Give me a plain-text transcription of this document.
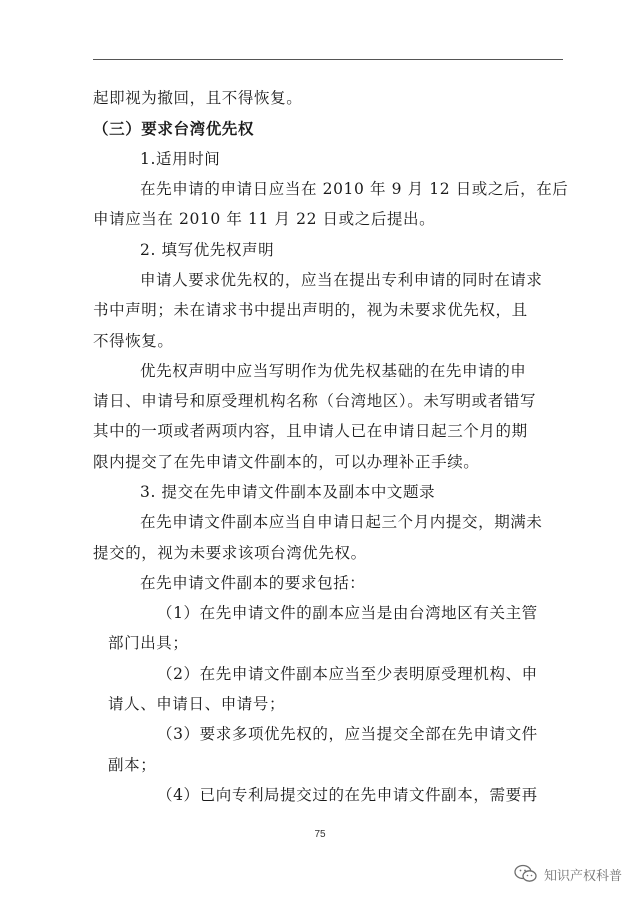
起即视为撤回，且不得恢复。
（三）要求台湾优先权
1.适用时间
在先申请的申请日应当在 2010 年 9 月 12 日或之后，在后
申请应当在 2010 年 11 月 22 日或之后提出。
2. 填写优先权声明
申请人要求优先权的，应当在提出专利申请的同时在请求
书中声明；未在请求书中提出声明的，视为未要求优先权，且
不得恢复。
优先权声明中应当写明作为优先权基础的在先申请的申
请日、申请号和原受理机构名称（台湾地区）。未写明或者错写
其中的一项或者两项内容，且申请人已在申请日起三个月的期
限内提交了在先申请文件副本的，可以办理补正手续。
3. 提交在先申请文件副本及副本中文题录
在先申请文件副本应当自申请日起三个月内提交，期满未
提交的，视为未要求该项台湾优先权。
在先申请文件副本的要求包括：
（1）在先申请文件的副本应当是由台湾地区有关主管
部门出具；
（2）在先申请文件副本应当至少表明原受理机构、申
请人、申请日、申请号；
（3）要求多项优先权的，应当提交全部在先申请文件
副本；
（4）已向专利局提交过的在先申请文件副本，需要再
75
知识产权科普
